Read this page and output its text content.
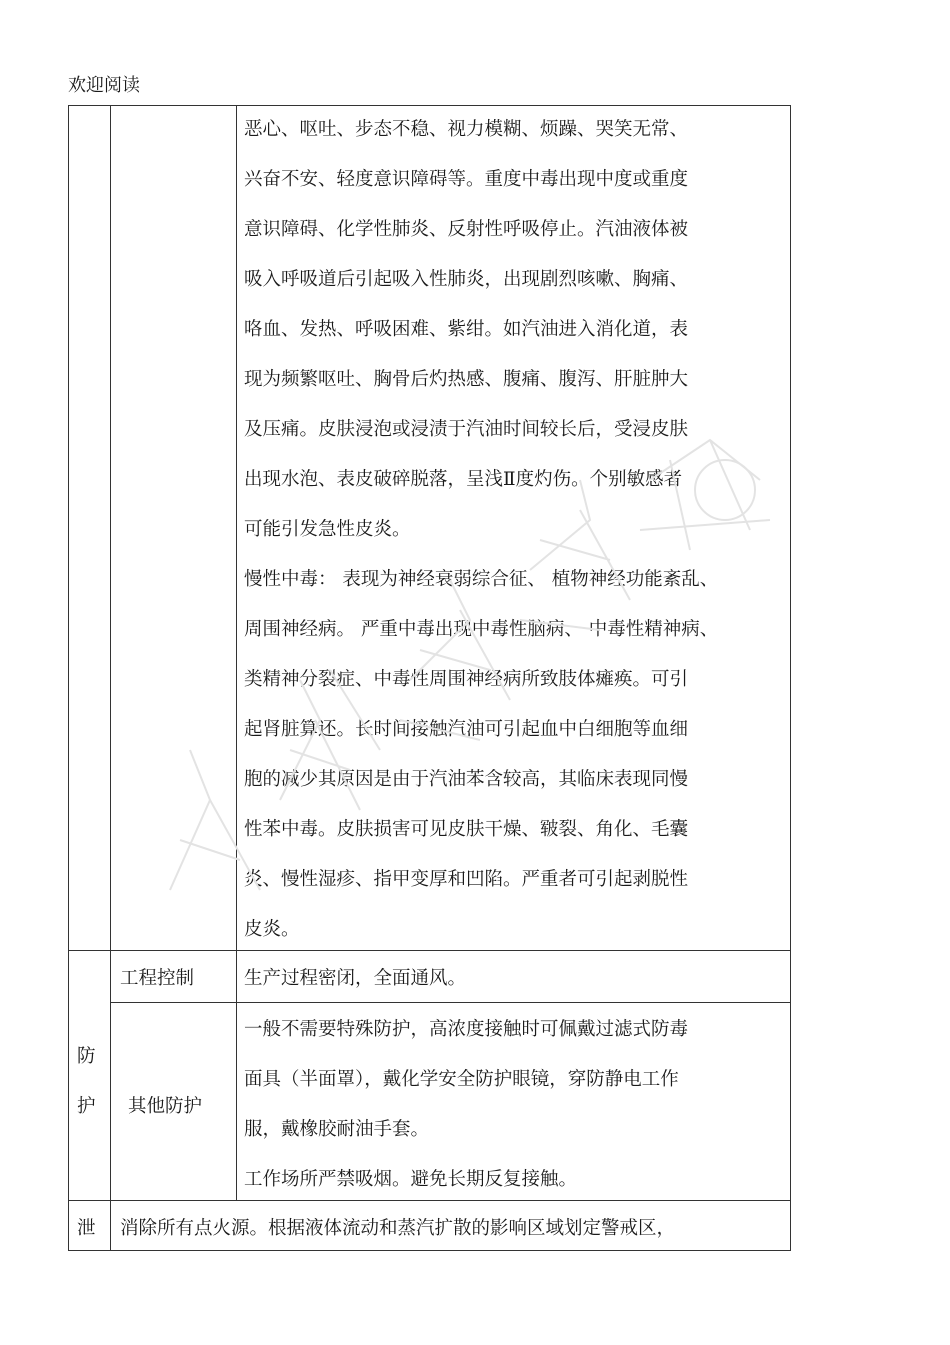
欢迎阅读
恶心、呕吐、步态不稳、视力模糊、烦躁、哭笑无常、
兴奋不安、轻度意识障碍等。重度中毒出现中度或重度
意识障碍、化学性肺炎、反射性呼吸停止。汽油液体被
吸入呼吸道后引起吸入性肺炎，出现剧烈咳嗽、胸痛、
咯血、发热、呼吸困难、紫绀。如汽油进入消化道，表
现为频繁呕吐、胸骨后灼热感、腹痛、腹泻、肝脏肿大
及压痛。皮肤浸泡或浸渍于汽油时间较长后，受浸皮肤
出现水泡、表皮破碎脱落，呈浅Ⅱ度灼伤。个别敏感者
可能引发急性皮炎。
慢性中毒： 表现为神经衰弱综合征、 植物神经功能紊乱、
周围神经病。 严重中毒出现中毒性脑病、 中毒性精神病、
类精神分裂症、中毒性周围神经病所致肢体瘫痪。可引
起肾脏算还。长时间接触汽油可引起血中白细胞等血细
胞的减少其原因是由于汽油苯含较高，其临床表现同慢
性苯中毒。皮肤损害可见皮肤干燥、皲裂、角化、毛囊
炎、慢性湿疹、指甲变厚和凹陷。严重者可引起剥脱性
皮炎。
防
护
工程控制	生产过程密闭，全面通风。
其他防护
一般不需要特殊防护，高浓度接触时可佩戴过滤式防毒
面具（半面罩），戴化学安全防护眼镜，穿防静电工作
服，戴橡胶耐油手套。
工作场所严禁吸烟。避免长期反复接触。
泄 消除所有点火源。根据液体流动和蒸汽扩散的影响区域划定警戒区，
